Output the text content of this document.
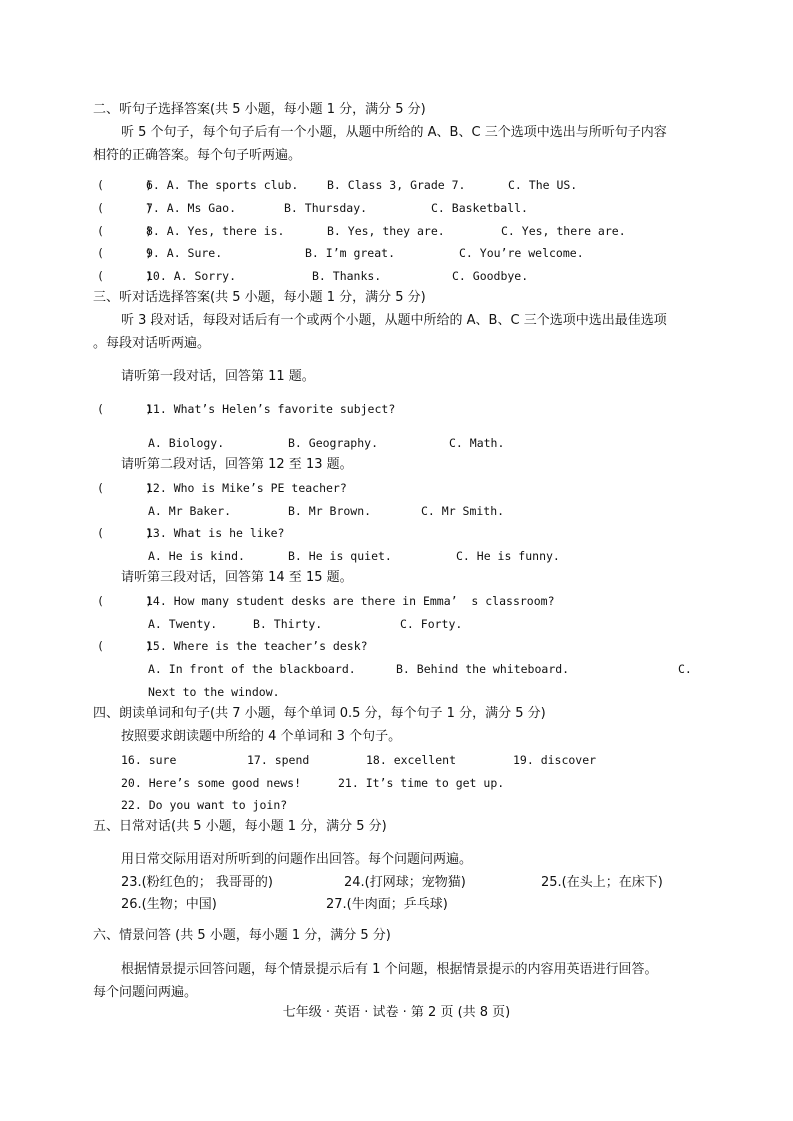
二、听句子选择答案(共 5 小题，每小题 1 分，满分 5 分)
听 5 个句子，每个句子后有一个小题，从题中所给的 A、B、C 三个选项中选出与所听句子内容
相符的正确答案。每个句子听两遍。
(      )
6. A. The sports club. B. Class 3, Grade 7.	C. The US.
(      )
7. A. Ms Gao.	B. Thursday.	C. Basketball.
(      )
8. A. Yes, there is.	B. Yes, they are.	C. Yes, there are.
(      )
9. A. Sure.	B. I’m great.	C. You’re welcome.
(      )
10. A. Sorry.	B. Thanks.	C. Goodbye.
三、听对话选择答案(共 5 小题，每小题 1 分，满分 5 分)
听 3 段对话，每段对话后有一个或两个小题，从题中所给的 A、B、C 三个选项中选出最佳选项
。每段对话听两遍。
请听第一段对话，回答第 11 题。
(      )
11. What’s Helen’s favorite subject?
A. Biology.	B. Geography.	C. Math.
请听第二段对话，回答第 12 至 13 题。
(      )
12. Who is Mike’s PE teacher?
A. Mr Baker.	B. Mr Brown.	C. Mr Smith.
(      )
13. What is he like?
A. He is kind.	B. He is quiet.	C. He is funny.
请听第三段对话，回答第 14 至 15 题。
(      )
14. How many student desks are there in Emma’  s classroom?
A. Twenty.	B. Thirty.	C. Forty.
(      )
15. Where is the teacher’s desk?
A. In front of the blackboard.	B. Behind the whiteboard.	C.
Next to the window.
四、朗读单词和句子(共 7 小题，每个单词 0.5 分，每个句子 1 分，满分 5 分)
按照要求朗读题中所给的 4 个单词和 3 个句子。
16. sure	17. spend	18. excellent	19. discover
20. Here’s some good news!	21. It’s time to get up.
22. Do you want to join?
五、日常对话(共 5 小题，每小题 1 分，满分 5 分)
用日常交际用语对所听到的问题作出回答。每个问题问两遍。
23.(粉红色的； 我哥哥的)	24.(打网球；宠物猫)	25.(在头上；在床下)
26.(生物；中国)	27.(牛肉面；乒乓球)
六、情景问答 (共 5 小题，每小题 1 分，满分 5 分)
根据情景提示回答问题，每个情景提示后有 1 个问题，根据情景提示的内容用英语进行回答。
每个问题问两遍。
七年级 · 英语 · 试卷 · 第 2 页 (共 8 页)
